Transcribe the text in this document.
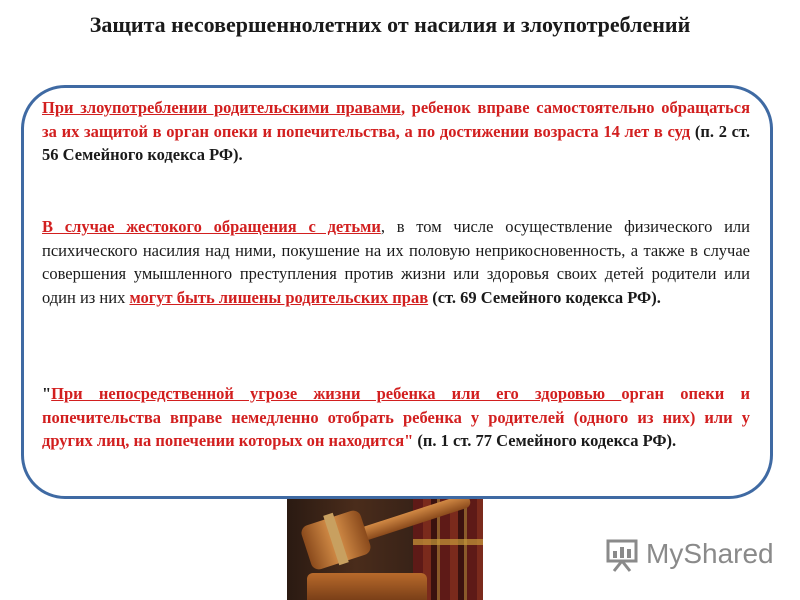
Защита несовершеннолетних от насилия и злоупотреблений
При злоупотреблении родительскими правами, ребенок вправе самостоятельно обращаться за их защитой в орган опеки и попечительства, а по достижении возраста 14 лет в суд (п. 2 ст. 56 Семейного кодекса РФ).
В случае жестокого обращения с детьми, в том числе осуществление физического или психического насилия над ними, покушение на их половую неприкосновенность, а также в случае совершения умышленного преступления против жизни или здоровья своих детей родители или один из них могут быть лишены родительских прав (ст. 69 Семейного кодекса РФ).
"При непосредственной угрозе жизни ребенка или его здоровью орган опеки и попечительства вправе немедленно отобрать ребенка у родителей (одного из них) или у других лиц, на попечении которых он находится" (п. 1 ст. 77 Семейного кодекса РФ).
MyShared
